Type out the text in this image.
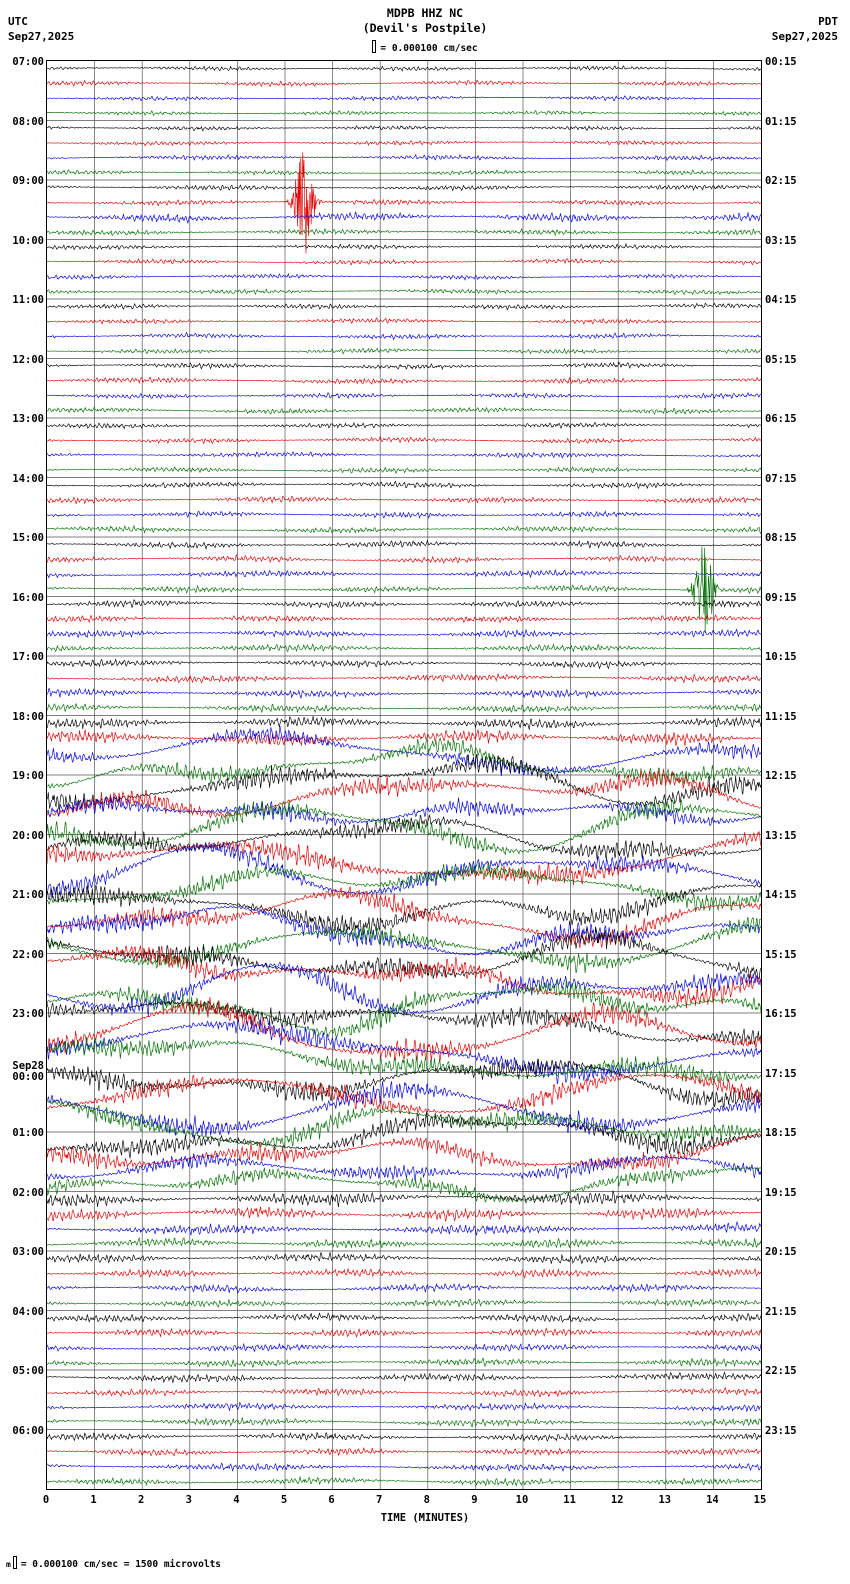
MDPB HHZ NC
(Devil's Postpile)
UTC
Sep27,2025
PDT
Sep27,2025
= 0.000100 cm/sec
07:00
08:00
09:00
10:00
11:00
12:00
13:00
14:00
15:00
16:00
17:00
18:00
19:00
20:00
21:00
22:00
23:00
Sep28
00:00
01:00
02:00
03:00
04:00
05:00
06:00
00:15
01:15
02:15
03:15
04:15
05:15
06:15
07:15
08:15
09:15
10:15
11:15
12:15
13:15
14:15
15:15
16:15
17:15
18:15
19:15
20:15
21:15
22:15
23:15
0	1	2	3	4	5	6	7	8	9	10	11	12	13	14	15
TIME (MINUTES)
m = 0.000100 cm/sec = 1500 microvolts
